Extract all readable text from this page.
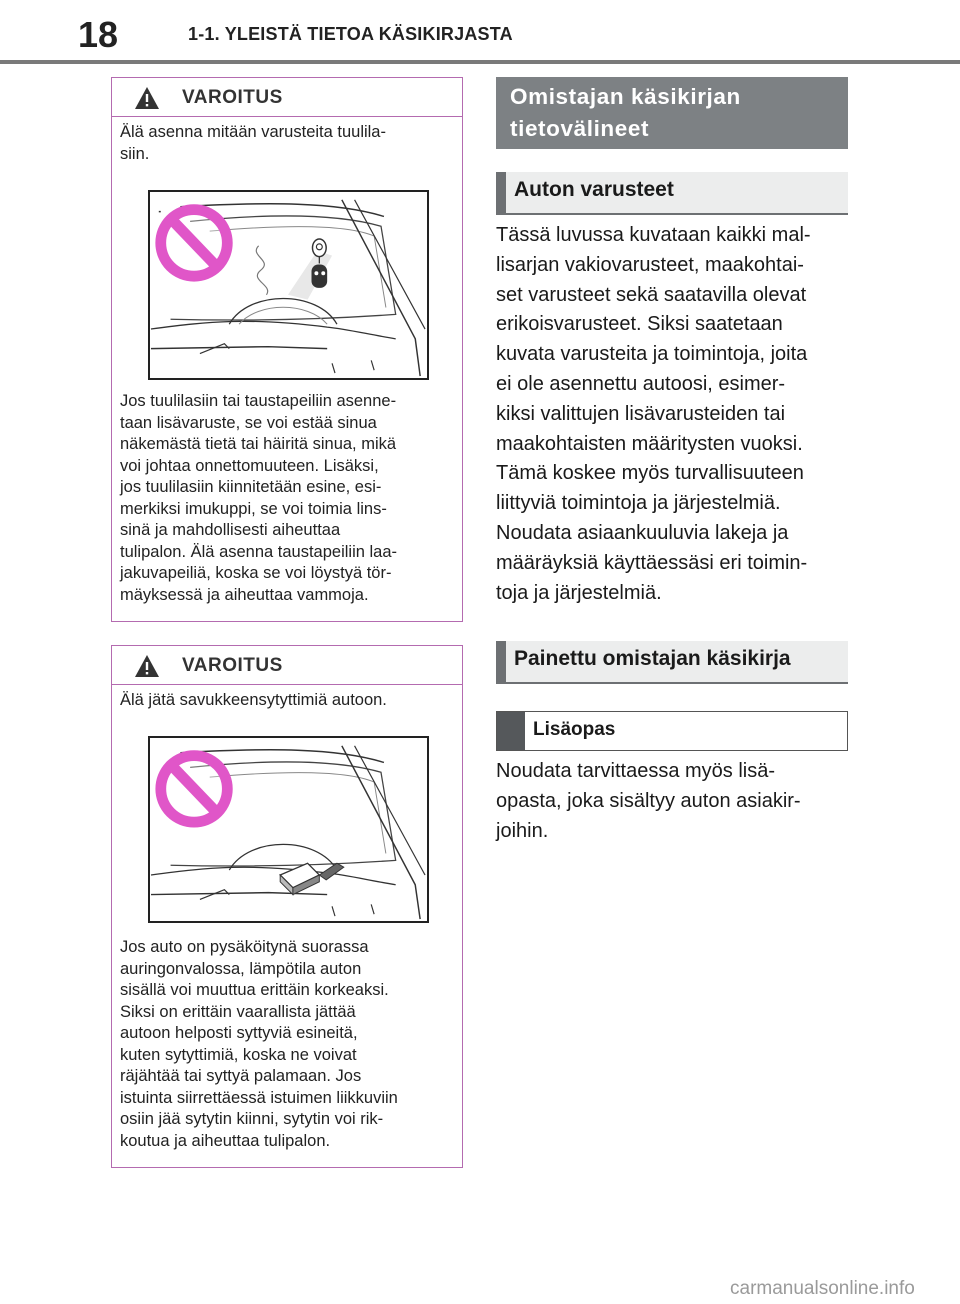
18	1-1. YLEISTÄ TIETOA KÄSIKIRJASTA
VAROITUS

Älä asenna mitään varusteita tuulila-
siin.

Jos tuulilasiin tai taustapeiliin asenne-
taan lisävaruste, se voi estää sinua
näkemästä tietä tai häiritä sinua, mikä
voi johtaa onnettomuuteen. Lisäksi,
jos tuulilasiin kiinnitetään esine, esi-
merkiksi imukuppi, se voi toimia lins-
sinä ja mahdollisesti aiheuttaa
tulipalon. Älä asenna taustapeiliin laa-
jakuvapeiliä, koska se voi löystyä tör-
mäyksessä ja aiheuttaa vammoja.

VAROITUS

Älä jätä savukkeensytyttimiä autoon.

Jos auto on pysäköitynä suorassa
auringonvalossa, lämpötila auton
sisällä voi muuttua erittäin korkeaksi.
Siksi on erittäin vaarallista jättää
autoon helposti syttyviä esineitä,
kuten sytyttimiä, koska ne voivat
räjähtää tai syttyä palamaan. Jos
istuinta siirrettäessä istuimen liikkuviin
osiin jää sytytin kiinni, sytytin voi rik-
koutua ja aiheuttaa tulipalon.

Omistajan käsikirjan tietovälineet
Auton varusteet

Tässä luvussa kuvataan kaikki mal-
lisarjan vakiovarusteet, maakohtai-
set varusteet sekä saatavilla olevat
erikoisvarusteet. Siksi saatetaan
kuvata varusteita ja toimintoja, joita
ei ole asennettu autoosi, esimer-
kiksi valittujen lisävarusteiden tai
maakohtaisten määritysten vuoksi.
Tämä koskee myös turvallisuuteen
liittyviä toimintoja ja järjestelmiä.
Noudata asiaankuuluvia lakeja ja
määräyksiä käyttäessäsi eri toimin-
toja ja järjestelmiä.

Painettu omistajan käsikirja
Lisäopas

Noudata tarvittaessa myös lisä-
opasta, joka sisältyy auton asiakir-
joihin.

carmanualsonline.info
